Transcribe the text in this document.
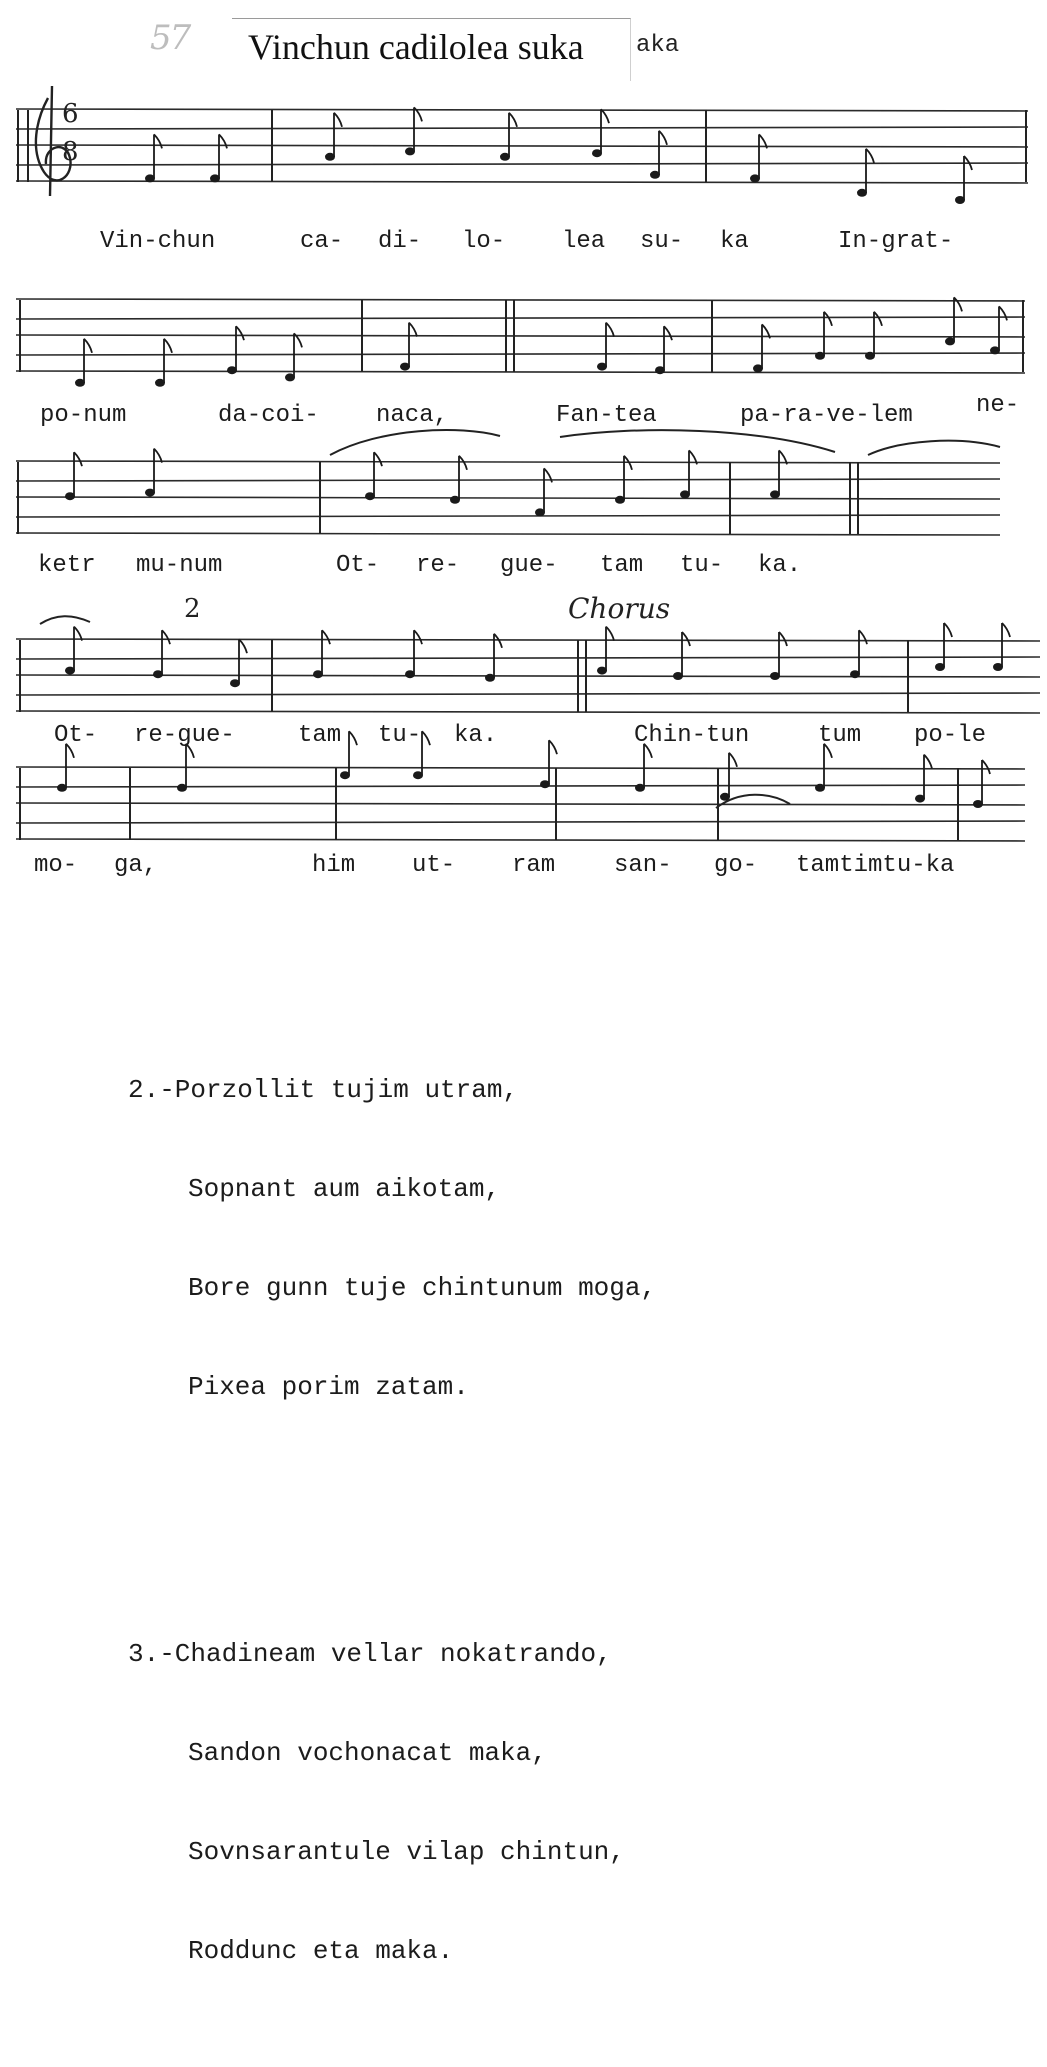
57 Vinchun cadilolea suka aka
6
8
Chorus
2
Vin-chun	ca- di- lo- lea su- ka	In-grat-
po-num	da-coi- naca,	Fan-tea	pa-ra-ve-lem	ne-
ketr mu-num	Ot- re- gue- tam tu- ka.
Ot- re-gue-	tam tu- ka.	Chin-tun	tum po-le
mo- ga,	him ut- ram san- go- tamtimtu-ka

2.-Porzollit tujim utram,

Sopnant aum aikotam,

Bore gunn tuje chintunum moga,

Pixea porim zatam.

3.-Chadineam vellar nokatrando,

Sandon vochonacat maka,

Sovnsarantule vilap chintun,

Roddunc eta maka.
